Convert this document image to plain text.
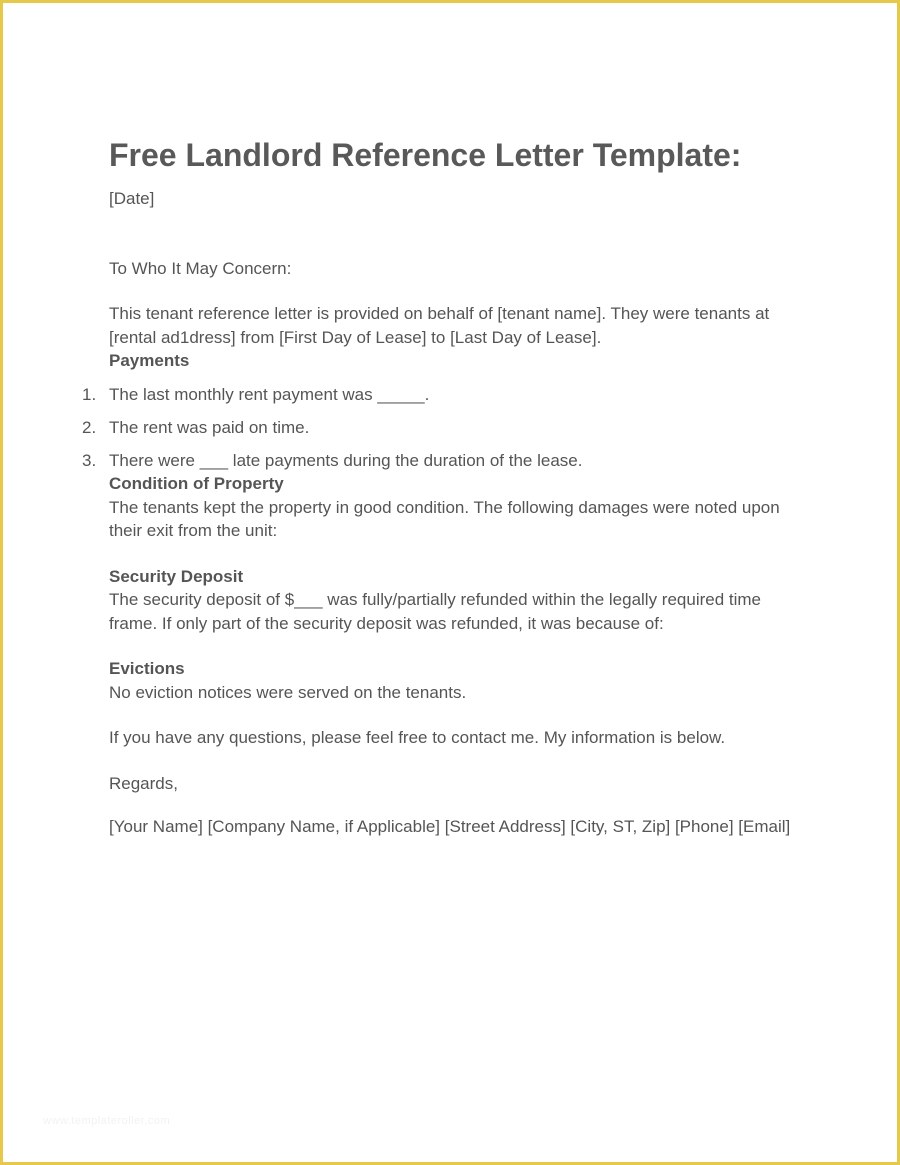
Free Landlord Reference Letter Template:

[Date]

To Who It May Concern:

This tenant reference letter is provided on behalf of [tenant name]. They were tenants at [rental ad1dress] from [First Day of Lease] to [Last Day of Lease].

Payments

1. The last monthly rent payment was _____.
2. The rent was paid on time.
3. There were ___ late payments during the duration of the lease.

Condition of Property

The tenants kept the property in good condition. The following damages were noted upon their exit from the unit:

Security Deposit

The security deposit of $___ was fully/partially refunded within the legally required time frame. If only part of the security deposit was refunded, it was because of:

Evictions

No eviction notices were served on the tenants.

If you have any questions, please feel free to contact me. My information is below.

Regards,

[Your Name] [Company Name, if Applicable] [Street Address] [City, ST, Zip] [Phone] [Email]

www.templateroller.com
